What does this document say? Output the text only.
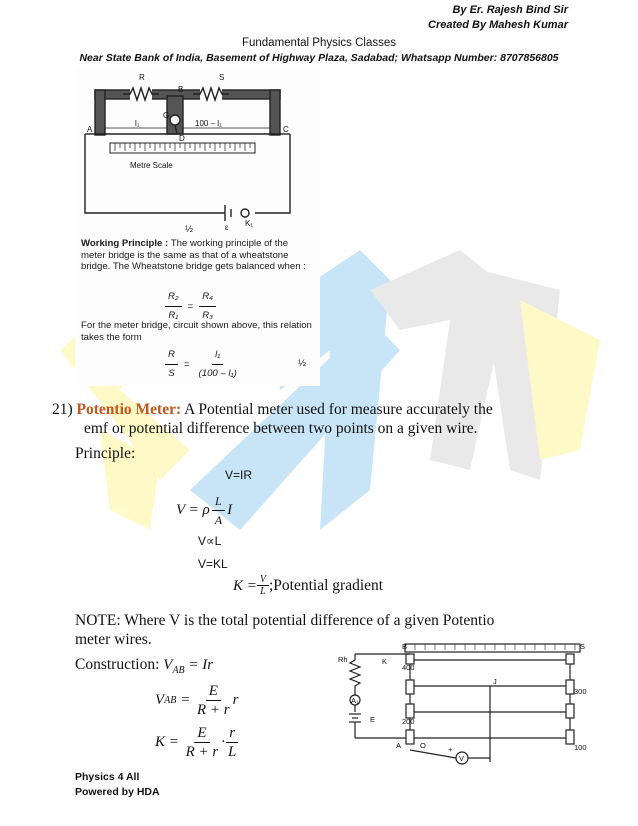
By Er. Rajesh Bind Sir
Created By Mahesh Kumar
Fundamental Physics Classes
Near State Bank of India, Basement of Highway Plaza, Sadabad; Whatsapp Number: 8707856805
R	S
B
G
A	C
D
l₁	100 – l₁
Metre Scale
ε K₁
½
Working Principle : The working principle of the meter bridge is the same as that of a wheatstone bridge. The Wheatstone bridge gets balanced when :
$\frac{\text{R₂}}{\text{R₁}} = \frac{\text{R₄}}{\text{R₃}}$
For the meter bridge, circuit shown above, this relation takes the form
$\frac{R}{S} = \frac{\text{l₁}}{\text{(100 – l₁)}}$	½
21) Potentio Meter: A Potential meter used for measure accurately the
emf or potential difference between two points on a given wire.
Principle:
V=IR
V = ρ $\frac{L}{A}$ I
V∝L
V=KL
$K = \frac{V}{L}$ ;Potential gradient
NOTE: Where V is the total potential difference of a given Potentio
meter wires.
Construction: $V_{AB} = Ir$
V AB = $\frac{E}{R + r}$ r
$K = \frac{E}{R + r} \cdot \frac{r}{L}$
Rh	K
A₁
E
A	O
B	S
J
V
+
400
300
200
100
Physics 4 All
Powered by HDA
